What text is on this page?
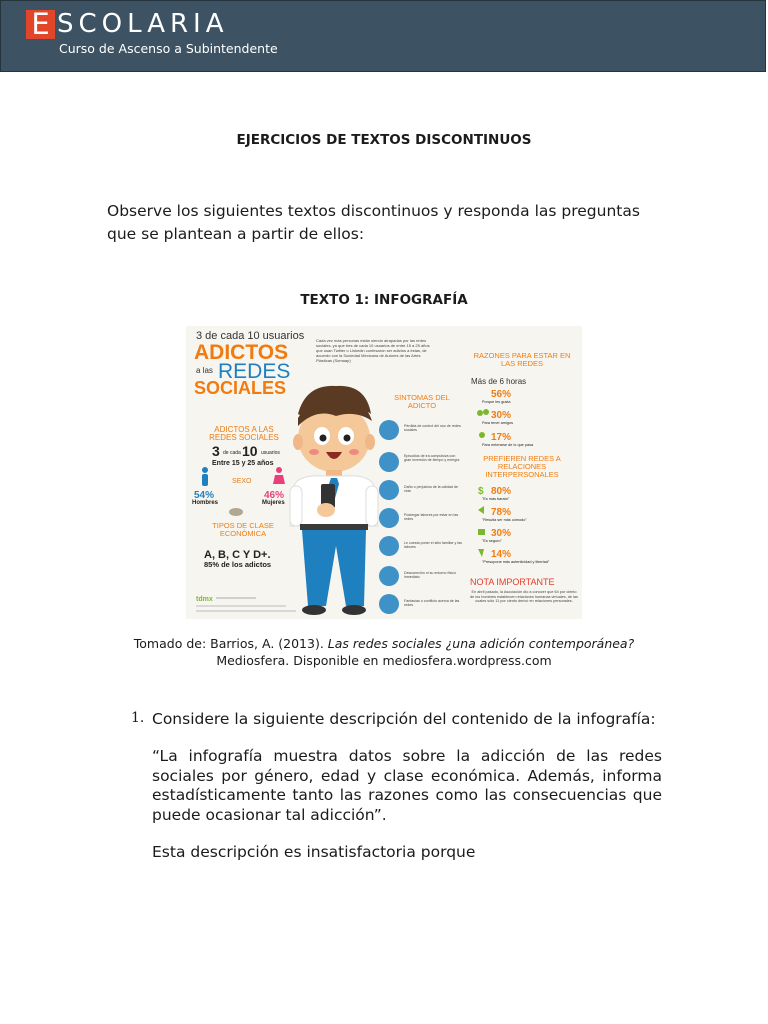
E SCOLARIA
Curso de Ascenso a Subintendente
EJERCICIOS DE TEXTOS DISCONTINUOS
Observe los siguientes textos discontinuos y responda las preguntas que se plantean a partir de ellos:
TEXTO 1: INFOGRAFÍA
3 de cada 10 usuarios
ADICTOS
a las REDES
SOCIALES
Cada vez más personas están siendo atrapadas por las redes sociales, ya que tres de cada 10 usuarios de entre 15 a 25 años que usan Twitter o Linkedin confesaron ser adictos a éstas, de acuerdo con la Sociedad Mexicana de Autores de las Artes Plásticas (Somaap)
ADICTOS A LAS REDES SOCIALES
3 de cada 10 usuarios
Entre 15 y 25 años
SEXO
54%
Hombres
46%
Mujeres
TIPOS DE CLASE ECONÓMICA
A, B, C Y D+.
85% de los adictos
tdmx
SÍNTOMAS DEL ADICTO
Pérdida de control del uso de redes sociales
Episodios de ira compulsiva con gran inversión de tiempo y energía
Daño o perjuicios de la calidad de vida
Postergar labores por estar en las redes
Le cuesta poner el sitio familiar y las labores
Desconexión ni su entorno físico inmediato
Fantasías o conflicto acerca de las redes
RAZONES PARA ESTAR EN LAS REDES
Más de 6 horas
56%
Porque les gusta
30%
Para tener amigos
17%
Para enterarse de lo que pasa
PREFIEREN REDES A RELACIONES INTERPERSONALES
$ 80%
"Es más barato"
78%
"Resulta ser más cómodo"
30%
"Es seguro"
14%
"Presupone más autenticidad y libertad"
NOTA IMPORTANTE
En abril pasado, la Asociación dio a conocer que 64 por ciento de los hombres establecen relaciones humanas virtuales, de las cuales sólo 11 por ciento derivó en relaciones personales.
Tomado de: Barrios, A. (2013). Las redes sociales ¿una adición contemporánea?
Mediosfera. Disponible en mediosfera.wordpress.com
1. Considere la siguiente descripción del contenido de la infografía:
“La infografía muestra datos sobre la adicción de las redes sociales por género, edad y clase económica. Además, informa estadísticamente tanto las razones como las consecuencias que puede ocasionar tal adicción”.
Esta descripción es insatisfactoria porque
